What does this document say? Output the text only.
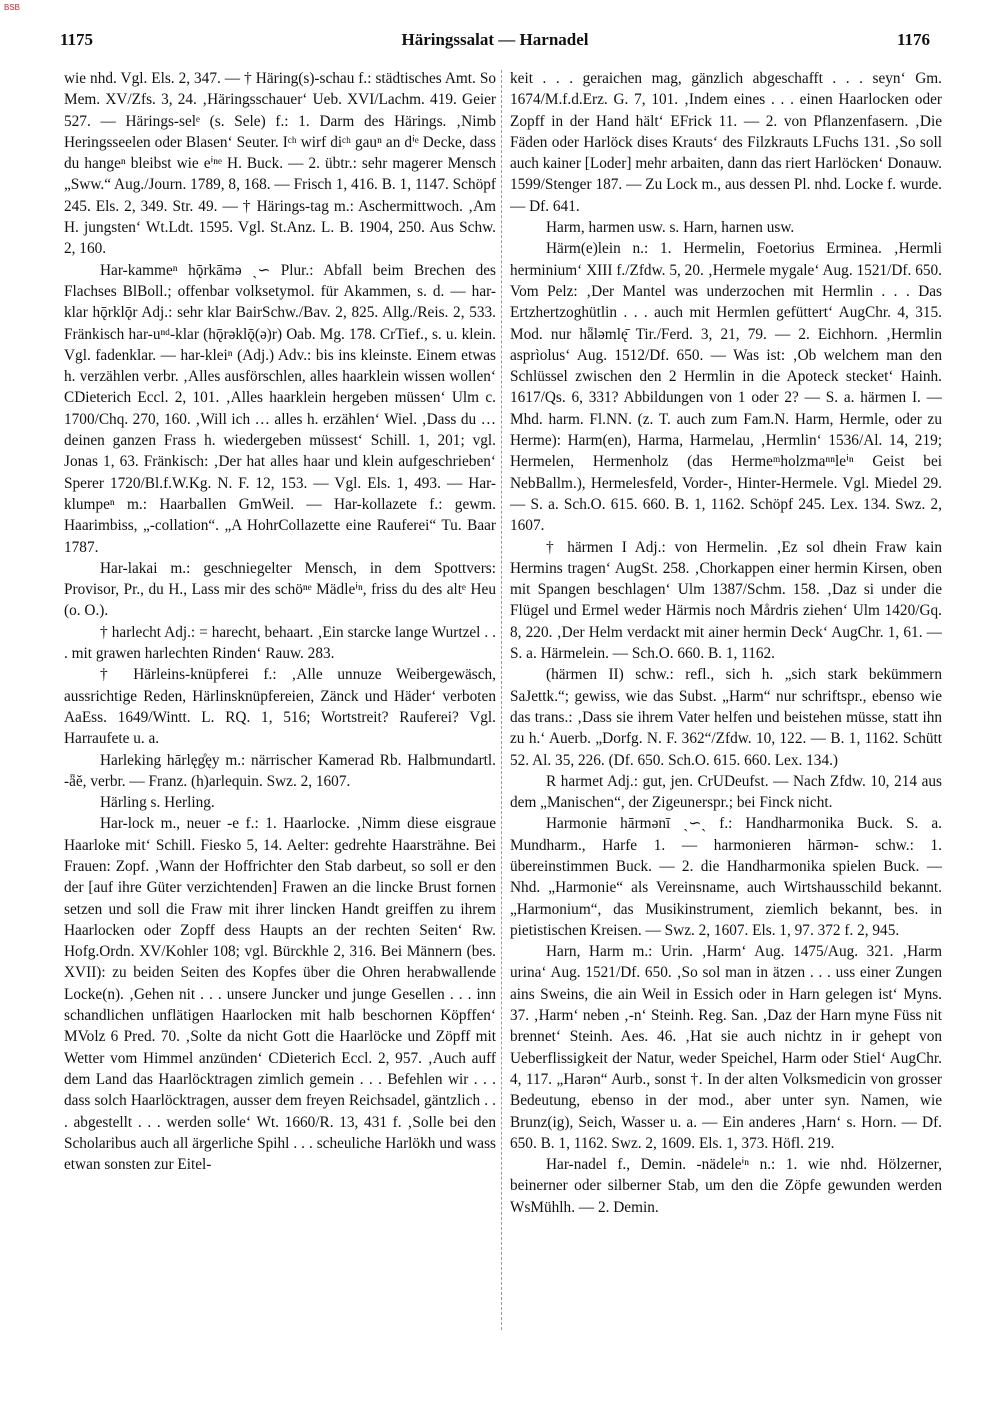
BSB
1175	Häringssalat — Harnadel	1176

wie nhd. Vgl. Els. 2, 347. — † Häring(s)-schau f.: städtisches Amt. So Mem. XV/Zfs. 3, 24. ‚Häringsschauer‘ Ueb. XVI/Lachm. 419. Geier 527. — Härings-selᵉ (s. Sele) f.: 1. Darm des Härings. ‚Nimb Heringsseelen oder Blasen‘ Seuter. Iᶜʰ wirf diᶜʰ gauⁿ an dⁱᵉ Decke, dass du hangeⁿ bleibst wie eⁱⁿᵉ H. Buck. — 2. übtr.: sehr magerer Mensch „Sww.“ Aug./Journ. 1789, 8, 168. — Frisch 1, 416. B. 1, 1147. Schöpf 245. Els. 2, 349. Str. 49. — † Härings-tag m.: Aschermittwoch. ‚Am H. jungsten‘ Wt.Ldt. 1595. Vgl. St.Anz. L. B. 1904, 250. Aus Schw. 2, 160.

Har-kammeⁿ hǭrkāmə ˏ∽ Plur.: Abfall beim Brechen des Flachses BlBoll.; offenbar volksetymol. für Akammen, s. d. — har-klar hǭrklǭr Adj.: sehr klar BairSchw./Bav. 2, 825. Allg./Reis. 2, 533. Fränkisch har-uⁿᵈ-klar (hǭrəklǭ(ə)r) Oab. Mg. 178. CrTief., s. u. klein. Vgl. fadenklar. — har-kleiⁿ (Adj.) Adv.: bis ins kleinste. Einem etwas h. verzählen verbr. ‚Alles ausförschlen, alles haarklein wissen wollen‘ CDieterich Eccl. 2, 101. ‚Alles haarklein hergeben müssen‘ Ulm c. 1700/Chq. 270, 160. ‚Will ich … alles h. erzählen‘ Wiel. ‚Dass du … deinen ganzen Frass h. wiedergeben müssest‘ Schill. 1, 201; vgl. Jonas 1, 63. Fränkisch: ‚Der hat alles haar und klein aufgeschrieben‘ Sperer 1720/Bl.f.W.Kg. N. F. 12, 153. — Vgl. Els. 1, 493. — Har-klumpeⁿ m.: Haarballen GmWeil. — Har-kollazete f.: gewm. Haarimbiss, „-collation“. „A HohrCollazette eine Rauferei“ Tu. Baar 1787.

Har-lakai m.: geschniegelter Mensch, in dem Spottvers: Provisor, Pr., du H., Lass mir des schöⁿᵉ Mädleⁱⁿ, friss du des altᵉ Heu (o. O.).

† harlecht Adj.: = harecht, behaart. ‚Ein starcke lange Wurtzel . . . mit grawen harlechten Rinden‘ Rauw. 283.

† Härleins-knüpferei f.: ‚Alle unnuze Weibergewäsch, aussrichtige Reden, Härlinsknüpfereien, Zänck und Häder‘ verboten AaEss. 1649/Wintt. L. RQ. 1, 516; Wortstreit? Rauferei? Vgl. Harraufete u. a.

Harleking hārlęg̊ęy m.: närrischer Kamerad Rb. Halbmundartl. -ǟĕ, verbr. — Franz. (h)arlequin. Swz. 2, 1607.

Härling s. Herling.

Har-lock m., neuer -e f.: 1. Haarlocke. ‚Nimm diese eisgraue Haarloke mit‘ Schill. Fiesko 5, 14. Aelter: gedrehte Haarsträhne. Bei Frauen: Zopf. ‚Wann der Hoffrichter den Stab darbeut, so soll er den der [auf ihre Güter verzichtenden] Frawen an die lincke Brust fornen setzen und soll die Fraw mit ihrer lincken Handt greiffen zu ihrem Haarlocken oder Zopff dess Haupts an der rechten Seiten‘ Rw. Hofg.Ordn. XV/Kohler 108; vgl. Bürckhle 2, 316. Bei Männern (bes. XVII): zu beiden Seiten des Kopfes über die Ohren herabwallende Locke(n). ‚Gehen nit . . . unsere Juncker und junge Gesellen . . . inn schandlichen unflätigen Haarlocken mit halb beschornen Köpffen‘ MVolz 6 Pred. 70. ‚Solte da nicht Gott die Haarlöcke und Zöpff mit Wetter vom Himmel anzünden‘ CDieterich Eccl. 2, 957. ‚Auch auff dem Land das Haarlöcktragen zimlich gemein . . . Befehlen wir . . . dass solch Haarlöcktragen, ausser dem freyen Reichsadel, gäntzlich . . . abgestellt . . . werden solle‘ Wt. 1660/R. 13, 431 f. ‚Solle bei den Scholaribus auch all ärgerliche Spihl . . . scheuliche Harlökh und wass etwan sonsten zur Eitel-

keit . . . geraichen mag, gänzlich abgeschafft . . . seyn‘ Gm. 1674/M.f.d.Erz. G. 7, 101. ‚Indem eines . . . einen Haarlocken oder Zopff in der Hand hält‘ EFrick 11. — 2. von Pflanzenfasern. ‚Die Fäden oder Harlöck dises Krauts‘ des Filzkrauts LFuchs 131. ‚So soll auch kainer [Loder] mehr arbaiten, dann das riert Harlöcken‘ Donauw. 1599/Stenger 187. — Zu Lock m., aus dessen Pl. nhd. Locke f. wurde. — Df. 641.

Harm, harmen usw. s. Harn, harnen usw.

Härm(e)lein n.: 1. Hermelin, Foetorius Erminea. ‚Hermli herminium‘ XIII f./Zfdw. 5, 20. ‚Hermele mygale‘ Aug. 1521/Df. 650. Vom Pelz: ‚Der Mantel was underzochen mit Hermlin . . . Das Ertzhertzoghütlin . . . auch mit Hermlen gefüttert‘ AugChr. 4, 315. Mod. nur hǟləmlę̄ Tir./Ferd. 3, 21, 79. — 2. Eichhorn. ‚Hermlin asprìolus‘ Aug. 1512/Df. 650. — Was ist: ‚Ob welchem man den Schlüssel zwischen den 2 Hermlin in die Apoteck stecket‘ Hainh. 1617/Qs. 6, 331? Abbildungen von 1 oder 2? — S. a. härmen I. — Mhd. harm. Fl.NN. (z. T. auch zum Fam.N. Harm, Hermle, oder zu Herme): Harm(en), Harma, Harmelau, ‚Hermlin‘ 1536/Al. 14, 219; Hermelen, Hermenholz (das Hermeᵐholzmaⁿⁿleⁱⁿ Geist bei NebBallm.), Hermelesfeld, Vorder-, Hinter-Hermele. Vgl. Miedel 29. — S. a. Sch.O. 615. 660. B. 1, 1162. Schöpf 245. Lex. 134. Swz. 2, 1607.

† härmen I Adj.: von Hermelin. ‚Ez sol dhein Fraw kain Hermins tragen‘ AugSt. 258. ‚Chorkappen einer hermin Kirsen, oben mit Spangen beschlagen‘ Ulm 1387/Schm. 158. ‚Daz si under die Flügel und Ermel weder Härmis noch Mårdris ziehen‘ Ulm 1420/Gq. 8, 220. ‚Der Helm verdackt mit ainer hermin Deck‘ AugChr. 1, 61. — S. a. Härmelein. — Sch.O. 660. B. 1, 1162.

(härmen II) schw.: refl., sich h. „sich stark bekümmern SaJettk.“; gewiss, wie das Subst. „Harm“ nur schriftspr., ebenso wie das trans.: ‚Dass sie ihrem Vater helfen und beistehen müsse, statt ihn zu h.‘ Auerb. „Dorfg. N. F. 362“/Zfdw. 10, 122. — B. 1, 1162. Schütt 52. Al. 35, 226. (Df. 650. Sch.O. 615. 660. Lex. 134.)

R harmet Adj.: gut, jen. CrUDeufst. — Nach Zfdw. 10, 214 aus dem „Manischen“, der Zigeunerspr.; bei Finck nicht.

Harmonie hārmənī ˏ∽ˏ f.: Handharmonika Buck. S. a. Mundharm., Harfe 1. — harmonieren hārmən- schw.: 1. übereinstimmen Buck. — 2. die Handharmonika spielen Buck. — Nhd. „Harmonie“ als Vereinsname, auch Wirtshausschild bekannt. „Harmonium“, das Musikinstrument, ziemlich bekannt, bes. in pietistischen Kreisen. — Swz. 2, 1607. Els. 1, 97. 372 f. 2, 945.

Harn, Harm m.: Urin. ‚Harm‘ Aug. 1475/Aug. 321. ‚Harm urina‘ Aug. 1521/Df. 650. ‚So sol man in ätzen . . . uss einer Zungen ains Sweins, die ain Weil in Essich oder in Harn gelegen ist‘ Myns. 37. ‚Harm‘ neben ‚-n‘ Steinh. Reg. San. ‚Daz der Harn myne Füss nit brennet‘ Steinh. Aes. 46. ‚Hat sie auch nichtz in ir gehept von Ueberflissigkeit der Natur, weder Speichel, Harm oder Stiel‘ AugChr. 4, 117. „Harən“ Aurb., sonst †. In der alten Volksmedicin von grosser Bedeutung, ebenso in der mod., aber unter syn. Namen, wie Brunz(ig), Seich, Wasser u. a. — Ein anderes ‚Harn‘ s. Horn. — Df. 650. B. 1, 1162. Swz. 2, 1609. Els. 1, 373. Höfl. 219.

Har-nadel f., Demin. -nädeleⁱⁿ n.: 1. wie nhd. Hölzerner, beinerner oder silberner Stab, um den die Zöpfe gewunden werden WsMühlh. — 2. Demin.
